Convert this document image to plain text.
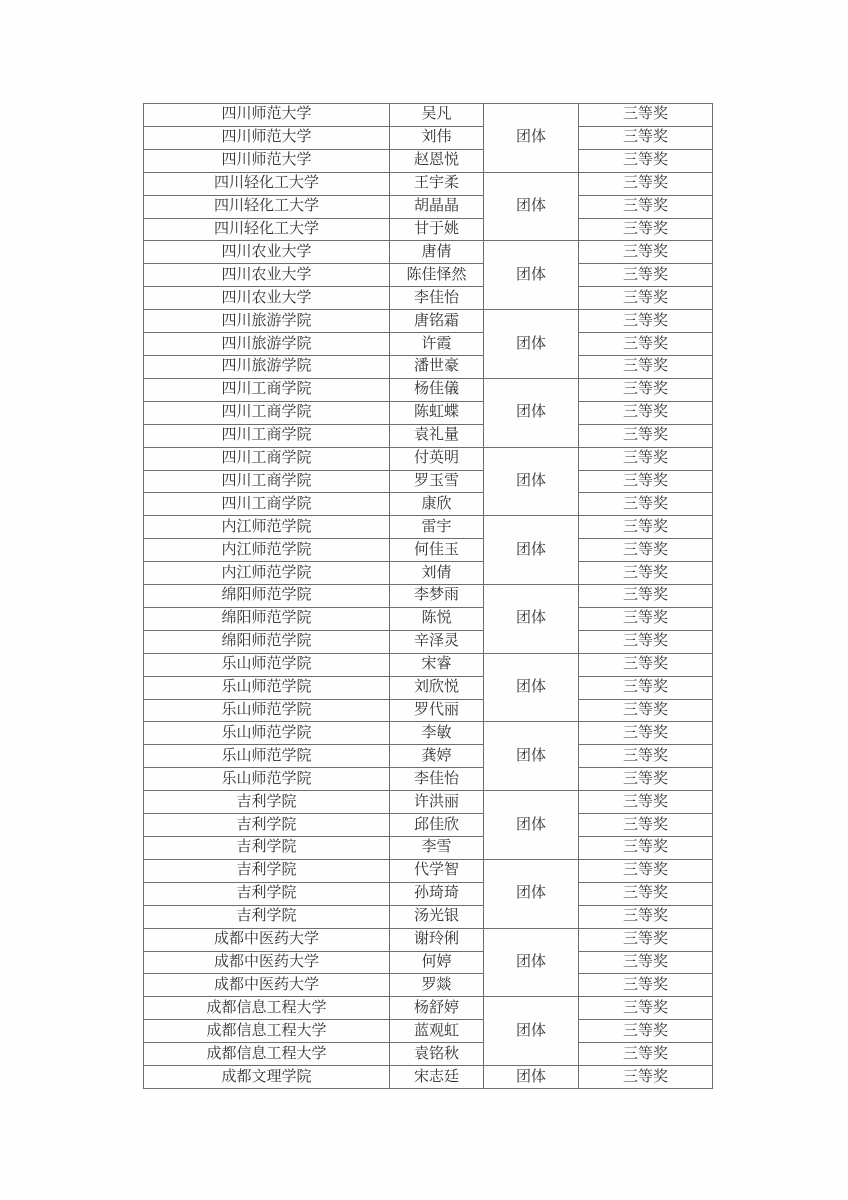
四川师范大学	吴凡	团体	三等奖
四川师范大学	刘伟		三等奖
四川师范大学	赵恩悦		三等奖
四川轻化工大学	王宇柔	团体	三等奖
四川轻化工大学	胡晶晶		三等奖
四川轻化工大学	甘于姚		三等奖
四川农业大学	唐倩	团体	三等奖
四川农业大学	陈佳怿然		三等奖
四川农业大学	李佳怡		三等奖
四川旅游学院	唐铭霜	团体	三等奖
四川旅游学院	许霞		三等奖
四川旅游学院	潘世豪		三等奖
四川工商学院	杨佳儀	团体	三等奖
四川工商学院	陈虹蝶		三等奖
四川工商学院	袁礼量		三等奖
四川工商学院	付英明	团体	三等奖
四川工商学院	罗玉雪		三等奖
四川工商学院	康欣		三等奖
内江师范学院	雷宇	团体	三等奖
内江师范学院	何佳玉		三等奖
内江师范学院	刘倩		三等奖
绵阳师范学院	李梦雨	团体	三等奖
绵阳师范学院	陈悦		三等奖
绵阳师范学院	辛泽灵		三等奖
乐山师范学院	宋睿	团体	三等奖
乐山师范学院	刘欣悦		三等奖
乐山师范学院	罗代丽		三等奖
乐山师范学院	李敏	团体	三等奖
乐山师范学院	龚婷		三等奖
乐山师范学院	李佳怡		三等奖
吉利学院	许洪丽	团体	三等奖
吉利学院	邱佳欣		三等奖
吉利学院	李雪		三等奖
吉利学院	代学智	团体	三等奖
吉利学院	孙琦琦		三等奖
吉利学院	汤光银		三等奖
成都中医药大学	谢玲俐	团体	三等奖
成都中医药大学	何婷		三等奖
成都中医药大学	罗燚		三等奖
成都信息工程大学	杨舒婷	团体	三等奖
成都信息工程大学	蓝观虹		三等奖
成都信息工程大学	袁铭秋		三等奖
成都文理学院	宋志廷	团体	三等奖
